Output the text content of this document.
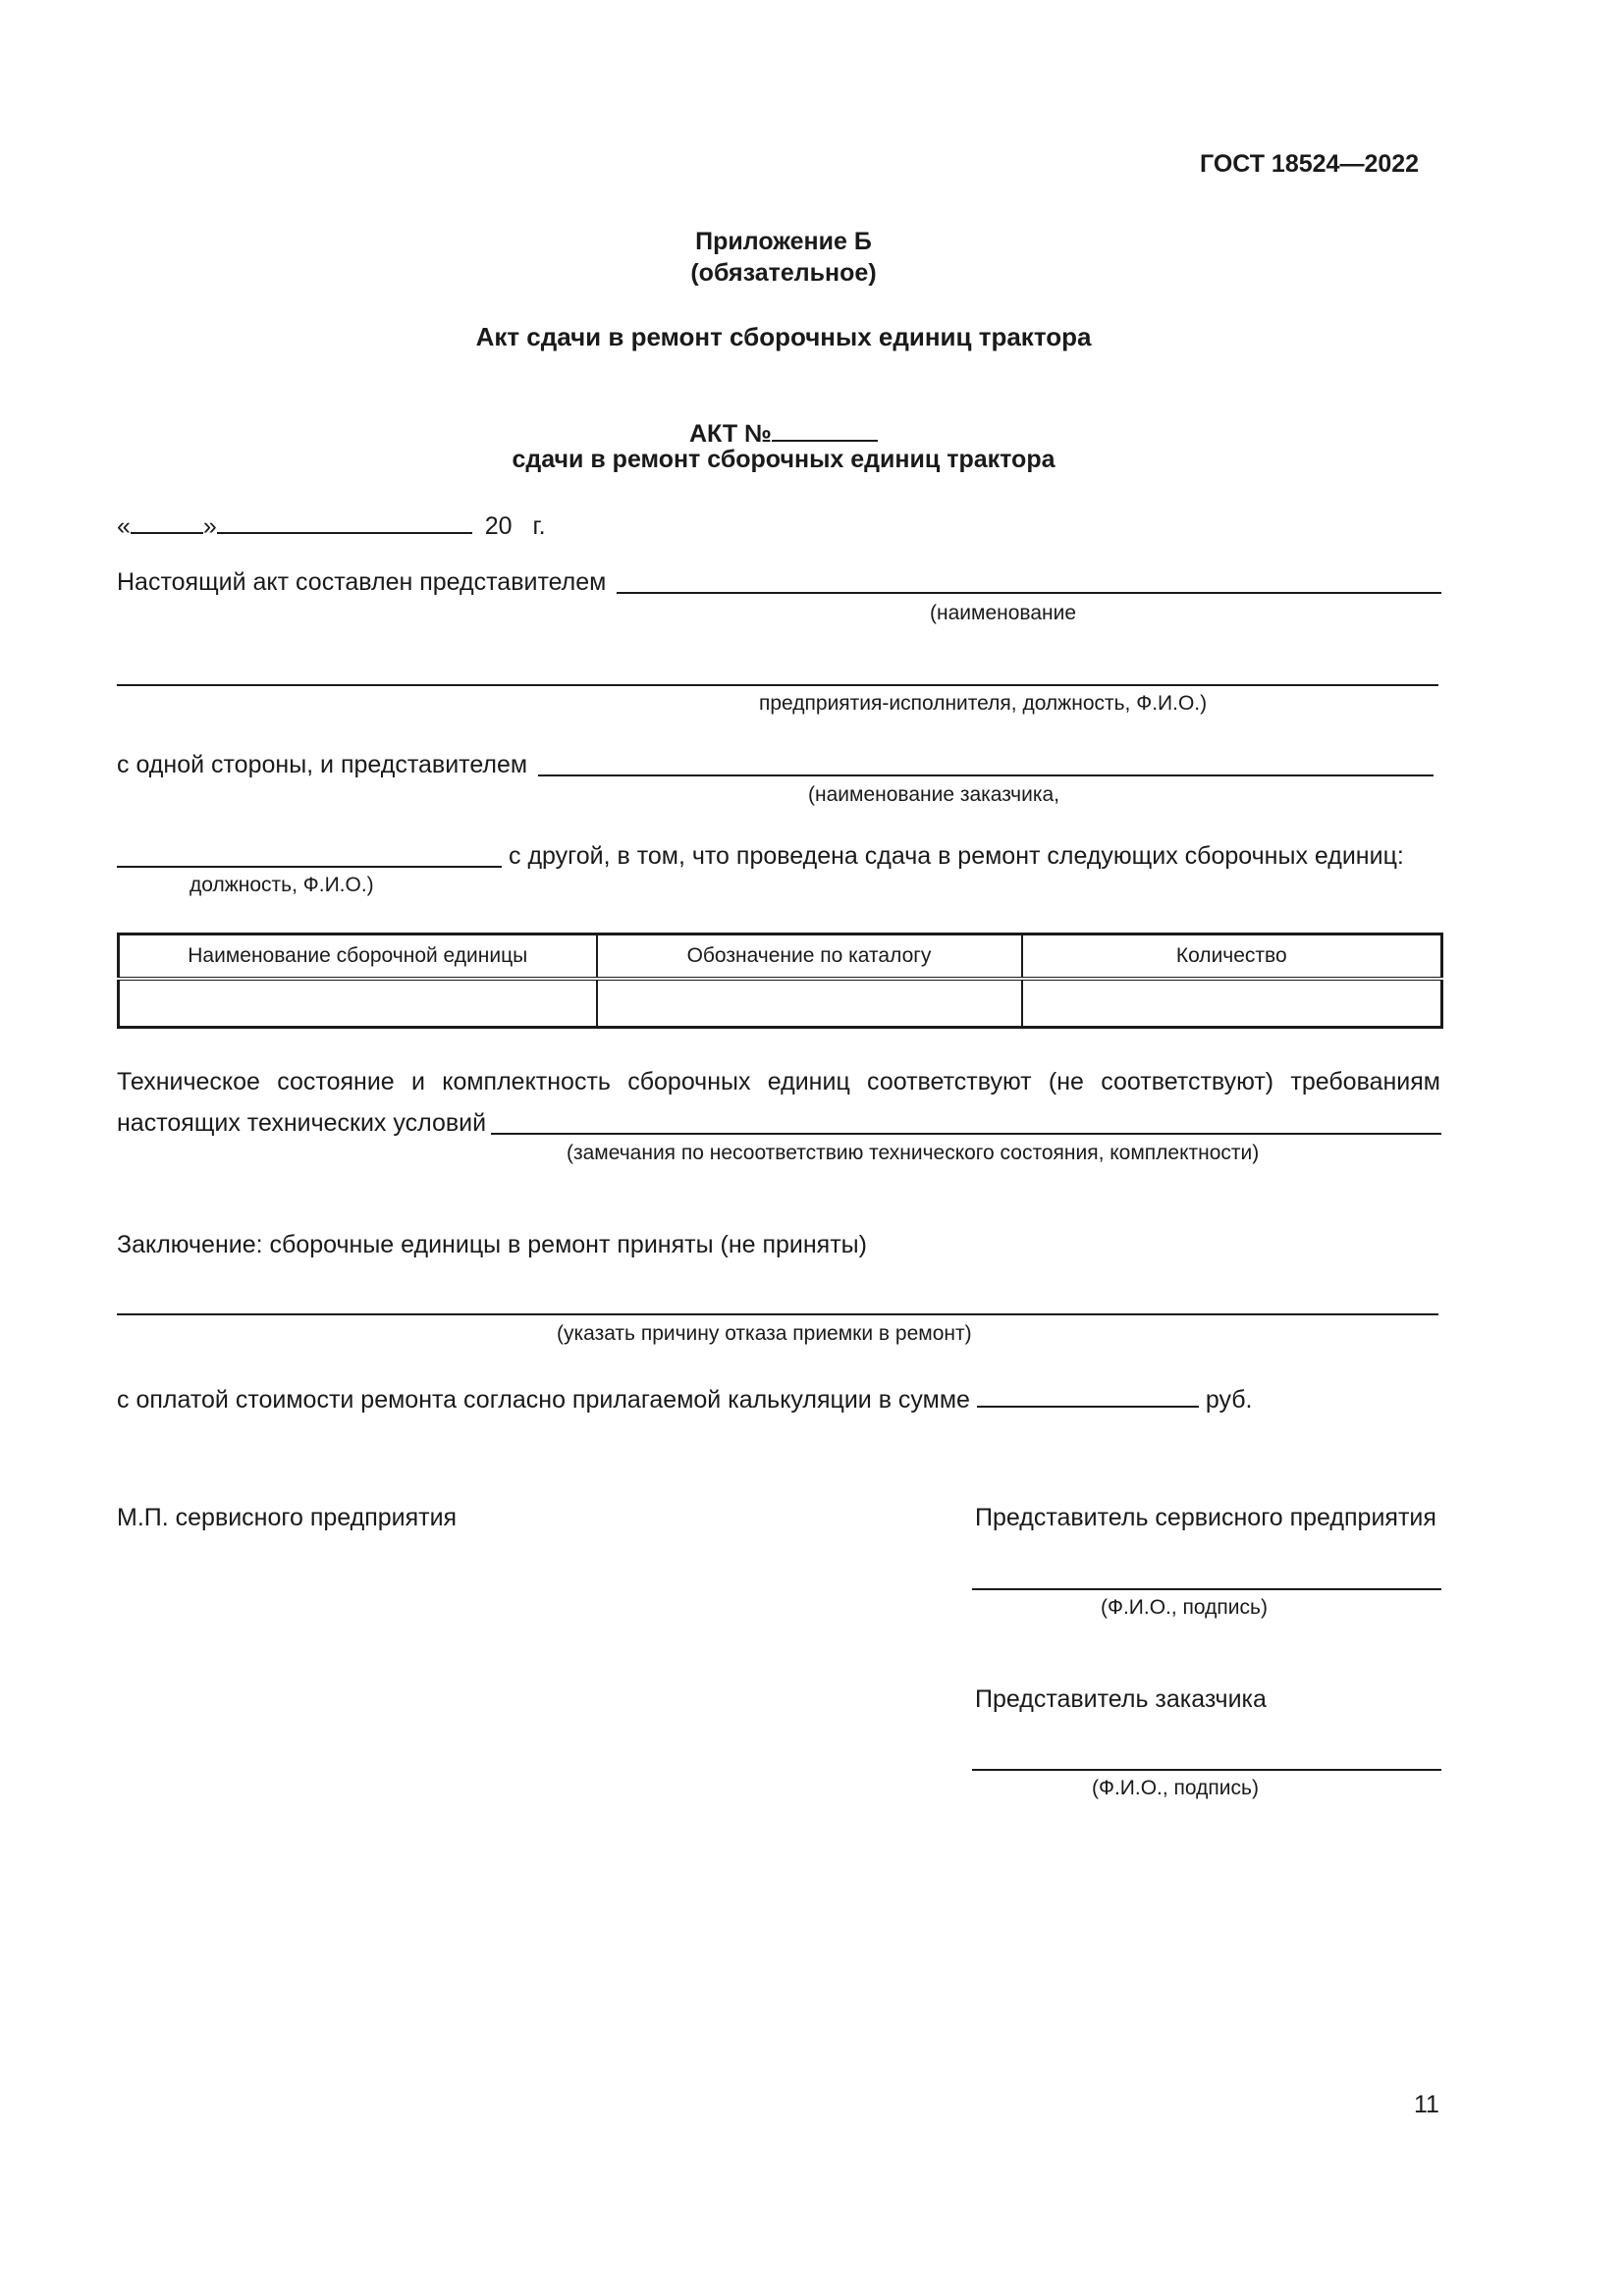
ГОСТ 18524—2022
Приложение Б
(обязательное)
Акт сдачи в ремонт сборочных единиц трактора
АКТ №
сдачи в ремонт сборочных единиц трактора
«	»	20 г.
Настоящий акт составлен представителем
(наименование
предприятия-исполнителя, должность, Ф.И.О.)
с одной стороны, и представителем
(наименование заказчика,
с другой, в том, что проведена сдача в ремонт следующих сборочных единиц:
должность, Ф.И.О.)
Наименование сборочной единицы	Обозначение по каталогу	Количество

Техническое состояние и комплектность сборочных единиц соответствуют (не соответствуют) требованиям
настоящих технических условий
(замечания по несоответствию технического состояния, комплектности)
Заключение: сборочные единицы в ремонт приняты (не приняты)
(указать причину отказа приемки в ремонт)
с оплатой стоимости ремонта согласно прилагаемой калькуляции в сумме	руб.
М.П. сервисного предприятия	Представитель сервисного предприятия
(Ф.И.О., подпись)
Представитель заказчика
(Ф.И.О., подпись)
11
